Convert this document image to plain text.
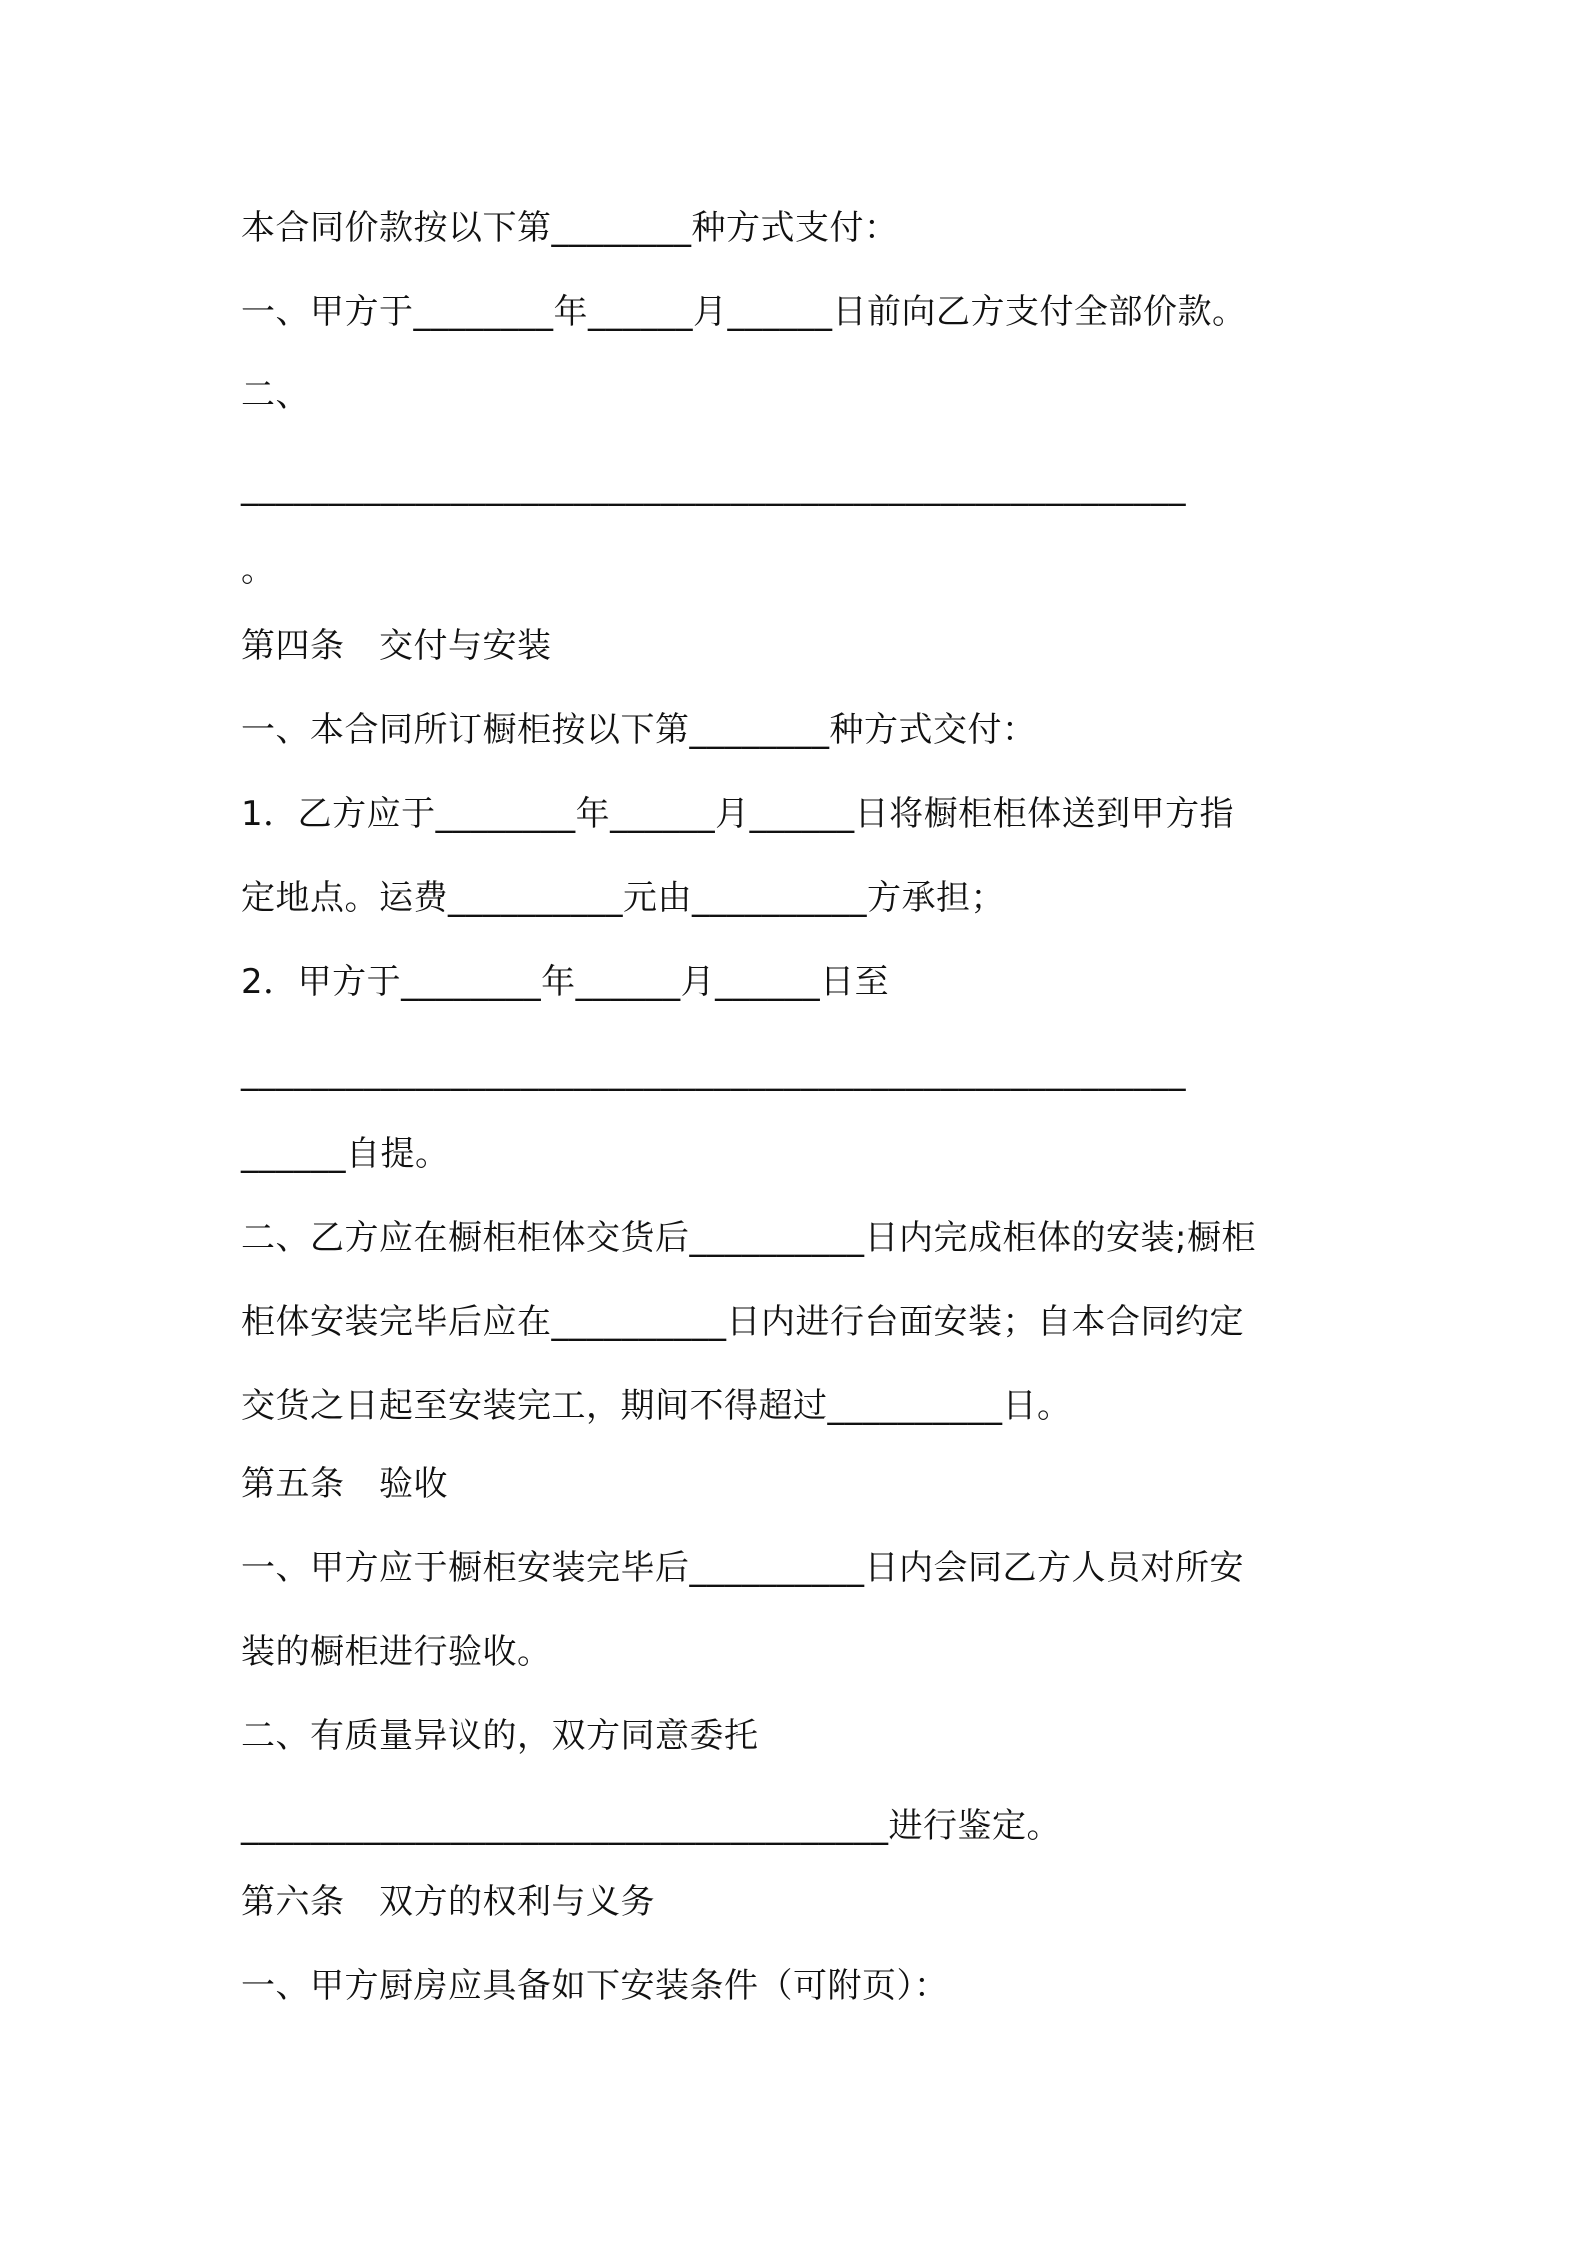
本合同价款按以下第________种方式支付：
一、甲方于________年______月______日前向乙方支付全部价款。
二、
______________________________________________________
。
第四条　交付与安装
一、本合同所订橱柜按以下第________种方式交付：
1．乙方应于________年______月______日将橱柜柜体送到甲方指
定地点。运费__________元由__________方承担；
2．甲方于________年______月______日至
______________________________________________________
______自提。
二、乙方应在橱柜柜体交货后__________日内完成柜体的安装;橱柜
柜体安装完毕后应在__________日内进行台面安装；自本合同约定
交货之日起至安装完工，期间不得超过__________日。
第五条　验收
一、甲方应于橱柜安装完毕后__________日内会同乙方人员对所安
装的橱柜进行验收。
二、有质量异议的，双方同意委托
_____________________________________进行鉴定。
第六条　双方的权利与义务
一、甲方厨房应具备如下安装条件（可附页）：
